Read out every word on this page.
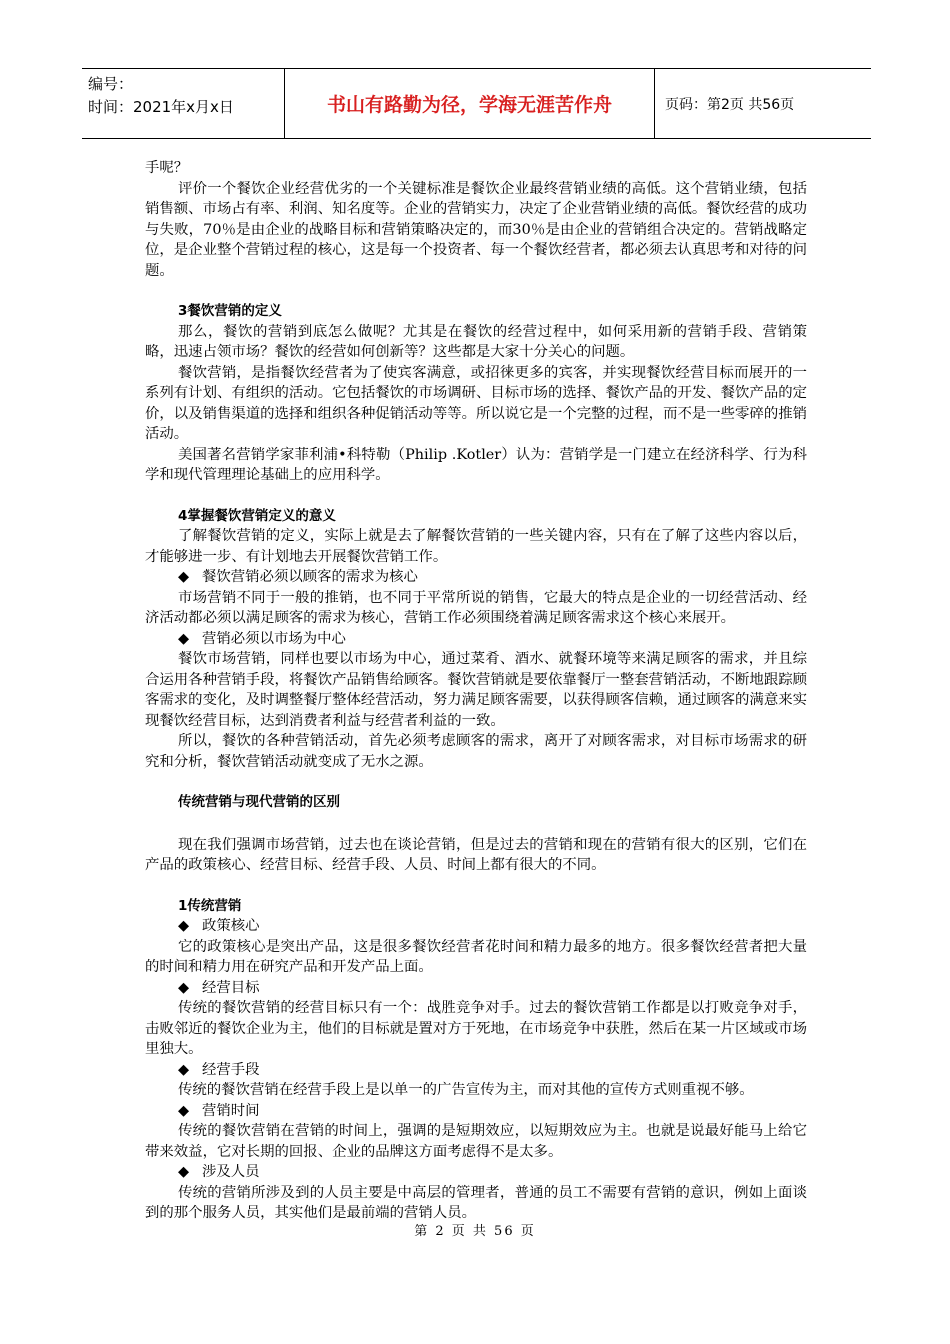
编号：
时间：2021年x月x日	书山有路勤为径，学海无涯苦作舟	页码：第2页 共56页

手呢？

评价一个餐饮企业经营优劣的一个关键标准是餐饮企业最终营销业绩的高低。这个营销业绩，包括销售额、市场占有率、利润、知名度等。企业的营销实力，决定了企业营销业绩的高低。餐饮经营的成功与失败，70％是由企业的战略目标和营销策略决定的，而30％是由企业的营销组合决定的。营销战略定位，是企业整个营销过程的核心，这是每一个投资者、每一个餐饮经营者，都必须去认真思考和对待的问题。

3餐饮营销的定义

那么，餐饮的营销到底怎么做呢？尤其是在餐饮的经营过程中，如何采用新的营销手段、营销策略，迅速占领市场？餐饮的经营如何创新等？这些都是大家十分关心的问题。

餐饮营销，是指餐饮经营者为了使宾客满意，或招徕更多的宾客，并实现餐饮经营目标而展开的一系列有计划、有组织的活动。它包括餐饮的市场调研、目标市场的选择、餐饮产品的开发、餐饮产品的定价，以及销售渠道的选择和组织各种促销活动等等。所以说它是一个完整的过程，而不是一些零碎的推销活动。

美国著名营销学家菲利浦•科特勒（Philip .Kotler）认为：营销学是一门建立在经济科学、行为科学和现代管理理论基础上的应用科学。

4掌握餐饮营销定义的意义

了解餐饮营销的定义，实际上就是去了解餐饮营销的一些关键内容，只有在了解了这些内容以后，才能够进一步、有计划地去开展餐饮营销工作。

◆ 餐饮营销必须以顾客的需求为核心

市场营销不同于一般的推销，也不同于平常所说的销售，它最大的特点是企业的一切经营活动、经济活动都必须以满足顾客的需求为核心，营销工作必须围绕着满足顾客需求这个核心来展开。

◆ 营销必须以市场为中心

餐饮市场营销，同样也要以市场为中心，通过菜肴、酒水、就餐环境等来满足顾客的需求，并且综合运用各种营销手段，将餐饮产品销售给顾客。餐饮营销就是要依靠餐厅一整套营销活动，不断地跟踪顾客需求的变化，及时调整餐厅整体经营活动，努力满足顾客需要，以获得顾客信赖，通过顾客的满意来实现餐饮经营目标，达到消费者利益与经营者利益的一致。

所以，餐饮的各种营销活动，首先必须考虑顾客的需求，离开了对顾客需求，对目标市场需求的研究和分析，餐饮营销活动就变成了无水之源。

传统营销与现代营销的区别

现在我们强调市场营销，过去也在谈论营销，但是过去的营销和现在的营销有很大的区别，它们在产品的政策核心、经营目标、经营手段、人员、时间上都有很大的不同。

1传统营销

◆ 政策核心

它的政策核心是突出产品，这是很多餐饮经营者花时间和精力最多的地方。很多餐饮经营者把大量的时间和精力用在研究产品和开发产品上面。

◆ 经营目标

传统的餐饮营销的经营目标只有一个：战胜竞争对手。过去的餐饮营销工作都是以打败竞争对手，击败邻近的餐饮企业为主，他们的目标就是置对方于死地，在市场竞争中获胜，然后在某一片区域或市场里独大。

◆ 经营手段

传统的餐饮营销在经营手段上是以单一的广告宣传为主，而对其他的宣传方式则重视不够。

◆ 营销时间

传统的餐饮营销在营销的时间上，强调的是短期效应，以短期效应为主。也就是说最好能马上给它带来效益，它对长期的回报、企业的品牌这方面考虑得不是太多。

◆ 涉及人员

传统的营销所涉及到的人员主要是中高层的管理者，普通的员工不需要有营销的意识，例如上面谈到的那个服务人员，其实他们是最前端的营销人员。

第 2 页 共 56 页
